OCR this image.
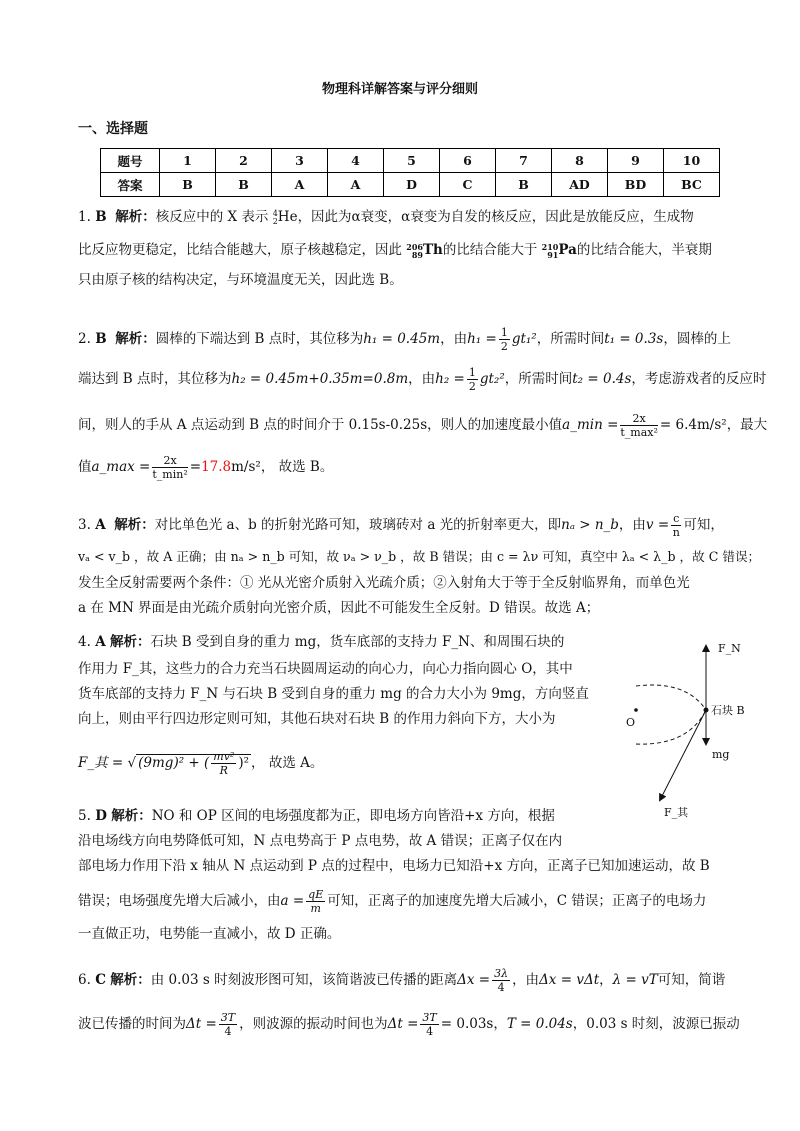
物理科详解答案与评分细则
一、选择题
题号	1	2	3	4	5	6	7	8	9	10
答案	B	B	A	A	D	C	B	AD	BD	BC

1. B 解析：核反应中的 X 表示 4
2 He，因此为α衰变，α衰变为自发的核反应，因此是放能反应，生成物

比反应物更稳定，比结合能越大，原子核越稳定，因此 206
89 Th的比结合能大于 210
91 Pa的比结合能大，半衰期

只由原子核的结构决定，与环境温度无关，因此选 B。

2. B 解析：圆棒的下端达到 B 点时，其位移为h₁ = 0.45m，由$h_1 = \frac{1}{2} gt_1^2$，所需时间t₁ = 0.3s，圆棒的上

端达到 B 点时，其位移为h₂ = 0.45m+0.35m=0.8m，由$h_2 = \frac{1}{2} gt_2^2$，所需时间t₂ = 0.4s，考虑游戏者的反应时

间，则人的手从 A 点运动到 B 点的时间介于 0.15s-0.25s，则人的加速度最小值a_min = $\frac{2x}{\text{t\_max²}} = 6.4m/s^2$，最大

值a_max = $\frac{2x}{\text{t\_min²}} =17.8m/s^2$， 故选 B。

3. A 解析：对比单色光 a、b 的折射光路可知，玻璃砖对 a 光的折射率更大，即nₐ > n_b，由$v = \frac{c}{n}$ 可知，

vₐ < v_b ，故 A 正确；由 nₐ > n_b 可知，故 νₐ > ν_b ，故 B 错误；由 c = λν 可知，真空中 λₐ < λ_b ，故 C 错误；

发生全反射需要两个条件：① 光从光密介质射入光疏介质；②入射角大于等于全反射临界角，而单色光

a 在 MN 界面是由光疏介质射向光密介质，因此不可能发生全反射。D 错误。故选 A；

4. A 解析：石块 B 受到自身的重力 mg，货车底部的支持力 F_N、和周围石块的

作用力 F_其，这些力的合力充当石块圆周运动的向心力，向心力指向圆心 O，其中

货车底部的支持力 F_N 与石块 B 受到自身的重力 mg 的合力大小为 9mg，方向竖直

向上，则由平行四边形定则可知，其他石块对石块 B 的作用力斜向下方，大小为

F_其 = √ (9mg)² + ( $\frac{\text{mv²}}{R} )^2$ ， 故选 A。

F_N
O
石块 B
mg
F_其

5. D 解析：NO 和 OP 区间的电场强度都为正，即电场方向皆沿+x 方向，根据

沿电场线方向电势降低可知，N 点电势高于 P 点电势，故 A 错误；正离子仅在内

部电场力作用下沿 x 轴从 N 点运动到 P 点的过程中，电场力已知沿+x 方向，正离子已知加速运动，故 B

错误；电场强度先增大后减小，由$a = \frac{qE}{m}$ 可知，正离子的加速度先增大后减小，C 错误；正离子的电场力

一直做正功，电势能一直减小，故 D 正确。

6. C 解析：由 0.03 s 时刻波形图可知，该简谐波已传播的距离$\Delta x = \frac{3\lambda}{4}$ ，由Δx = vΔt，λ = vT可知，简谐

波已传播的时间为$\Delta t = \frac{3T}{4}$ ，则波源的振动时间也为$\Delta t = \frac{3T}{4} = 0.03s$，T = 0.04s，0.03 s 时刻，波源已振动
